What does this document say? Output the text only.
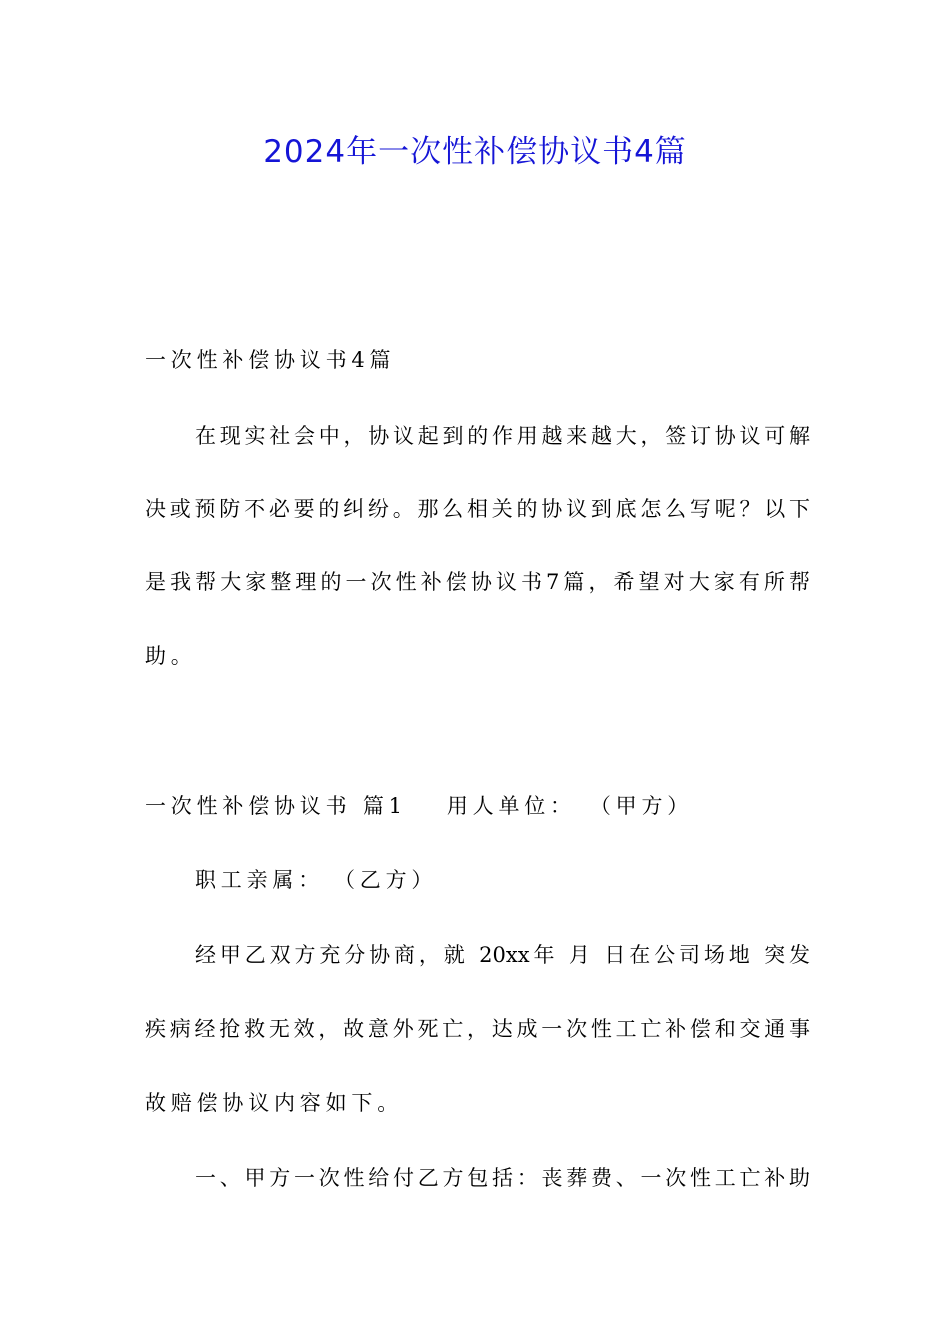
2024年一次性补偿协议书4篇
一次性补偿协议书4篇
在现实社会中，协议起到的作用越来越大，签订协议可解
决或预防不必要的纠纷。那么相关的协议到底怎么写呢？以下
是我帮大家整理的一次性补偿协议书7篇，希望对大家有所帮
助。
一次性补偿协议书 篇1 用人单位： （甲方）
职工亲属： （乙方）
经甲乙双方充分协商，就 20xx年 月 日在公司场地 突发
疾病经抢救无效，故意外死亡，达成一次性工亡补偿和交通事
故赔偿协议内容如下。
一、甲方一次性给付乙方包括：丧葬费、一次性工亡补助
